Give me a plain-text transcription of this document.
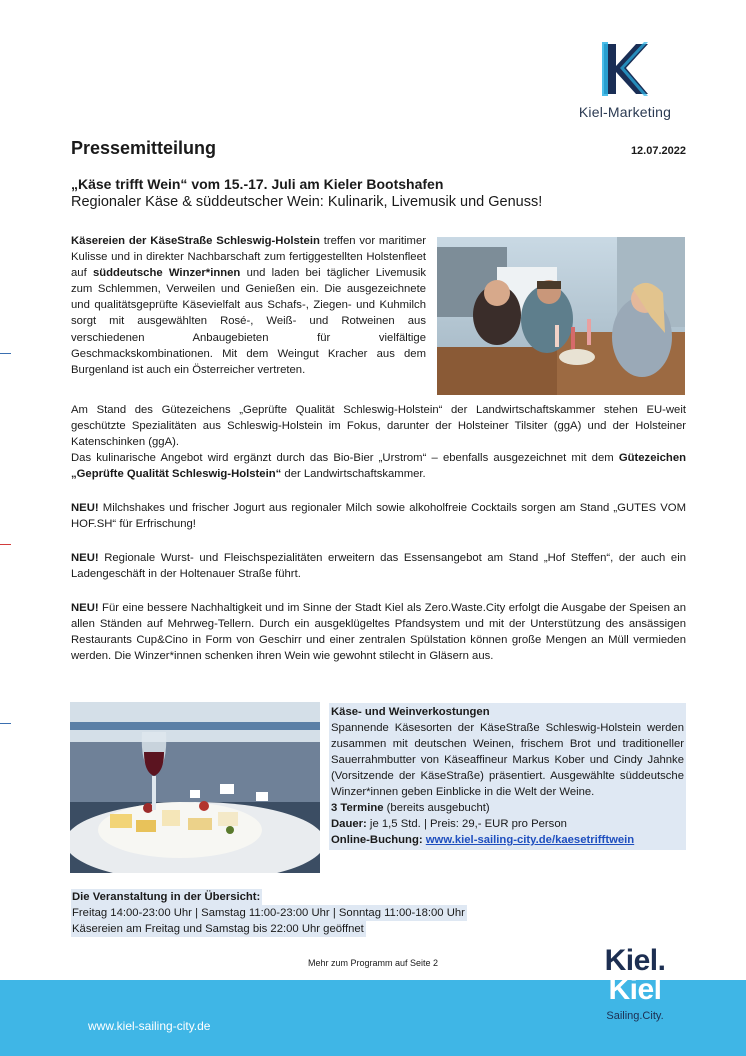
Kiel-Marketing
Pressemitteilung	12.07.2022
„Käse trifft Wein“ vom 15.-17. Juli am Kieler Bootshafen
Regionaler Käse & süddeutscher Wein: Kulinarik, Livemusik und Genuss!
Käsereien der KäseStraße Schleswig-Holstein treffen vor maritimer Kulisse und in direkter Nachbarschaft zum fertiggestellten Holstenfleet auf süddeutsche Winzer*innen und laden bei täglicher Livemusik zum Schlemmen, Verweilen und Genießen ein. Die ausgezeichnete und qualitätsgeprüfte Käsevielfalt aus Schafs-, Ziegen- und Kuhmilch sorgt mit ausgewählten Rosé-, Weiß- und Rotweinen aus verschiedenen Anbaugebieten für vielfältige Geschmackskombinationen. Mit dem Weingut Kracher aus dem Burgenland ist auch ein Österreicher vertreten.

Am Stand des Gütezeichens „Geprüfte Qualität Schleswig-Holstein“ der Landwirtschaftskammer stehen EU-weit geschützte Spezialitäten aus Schleswig-Holstein im Fokus, darunter der Holsteiner Tilsiter (ggA) und der Holsteiner Katenschinken (ggA).

Das kulinarische Angebot wird ergänzt durch das Bio-Bier „Urstrom“ – ebenfalls ausgezeichnet mit dem Gütezeichen „Geprüfte Qualität Schleswig-Holstein“ der Landwirtschaftskammer.

NEU! Milchshakes und frischer Jogurt aus regionaler Milch sowie alkoholfreie Cocktails sorgen am Stand „GUTES VOM HOF.SH“ für Erfrischung!

NEU! Regionale Wurst- und Fleischspezialitäten erweitern das Essensangebot am Stand „Hof Steffen“, der auch ein Ladengeschäft in der Holtenauer Straße führt.

NEU! Für eine bessere Nachhaltigkeit und im Sinne der Stadt Kiel als Zero.Waste.City erfolgt die Ausgabe der Speisen an allen Ständen auf Mehrweg-Tellern. Durch ein ausgeklügeltes Pfandsystem und mit der Unterstützung des ansässigen Restaurants Cup&Cino in Form von Geschirr und einer zentralen Spülstation können große Mengen an Müll vermieden werden. Die Winzer*innen schenken ihren Wein wie gewohnt stilecht in Gläsern aus.

Käse- und Weinverkostungen
Spannende Käsesorten der KäseStraße Schleswig-Holstein werden zusammen mit deutschen Weinen, frischem Brot und traditioneller Sauerrahmbutter von Käseaffineur Markus Kober und Cindy Jahnke (Vorsitzende der KäseStraße) präsentiert. Ausgewählte süddeutsche Winzer*innen geben Einblicke in die Welt der Weine.
3 Termine (bereits ausgebucht)
Dauer: je 1,5 Std. | Preis: 29,- EUR pro Person
Online-Buchung: www.kiel-sailing-city.de/kaesetrifftwein
Die Veranstaltung in der Übersicht:
Freitag 14:00-23:00 Uhr | Samstag 11:00-23:00 Uhr | Sonntag 11:00-18:00 Uhr
Käsereien am Freitag und Samstag bis 22:00 Uhr geöffnet
Mehr zum Programm auf Seite 2
www.kiel-sailing-city.de
Kiel.
Kiel
Sailing.City.
